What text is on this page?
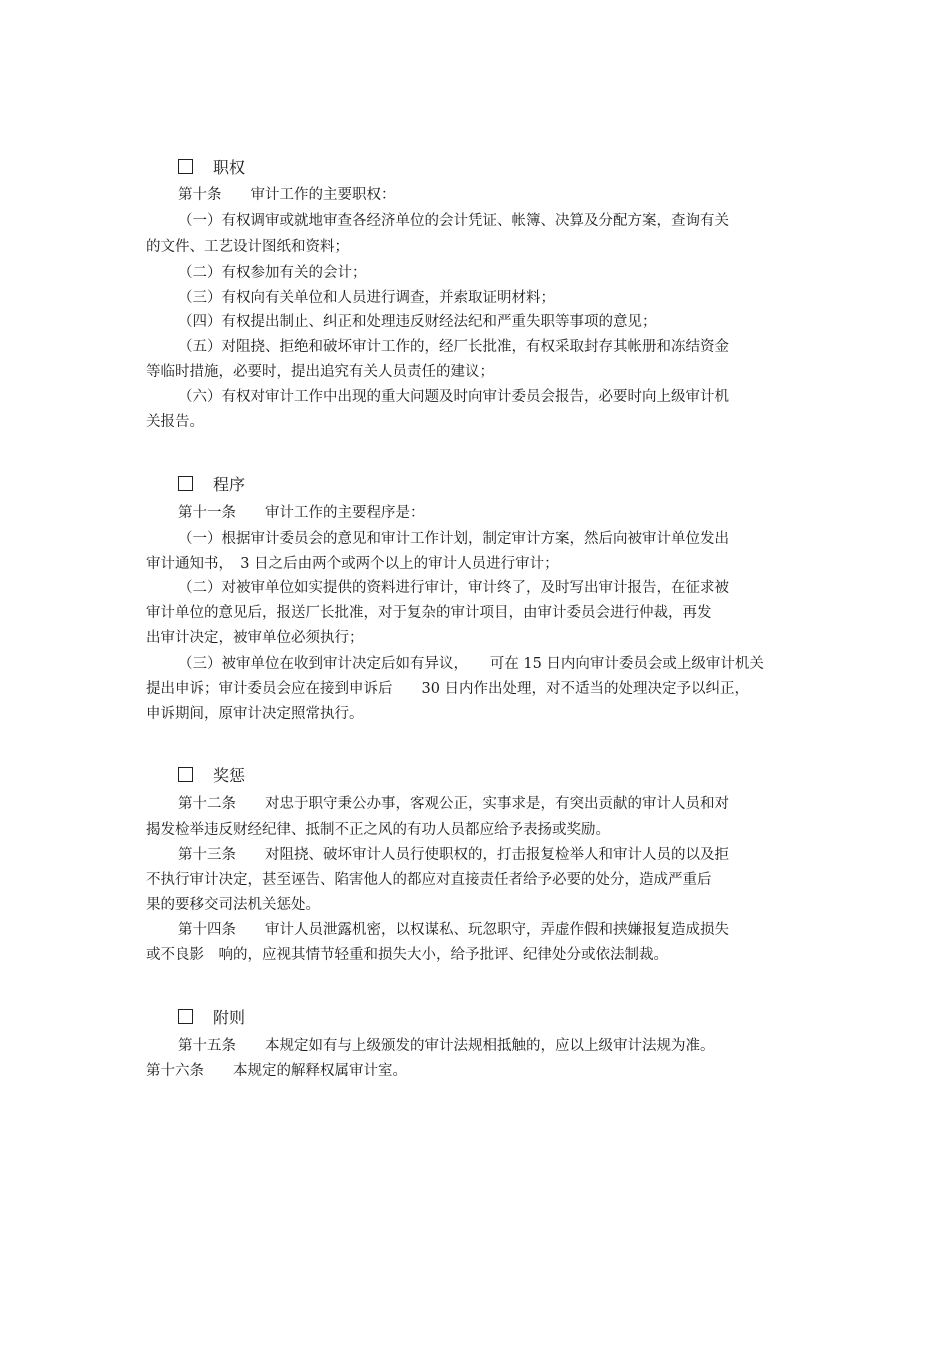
职权
第十条　　审计工作的主要职权：
（一）有权调审或就地审查各经济单位的会计凭证、帐簿、决算及分配方案，查询有关
的文件、工艺设计图纸和资料；
（二）有权参加有关的会计；
（三）有权向有关单位和人员进行调查，并索取证明材料；
（四）有权提出制止、纠正和处理违反财经法纪和严重失职等事项的意见；
（五）对阻挠、拒绝和破坏审计工作的，经厂长批准，有权采取封存其帐册和冻结资金
等临时措施，必要时，提出追究有关人员责任的建议；
（六）有权对审计工作中出现的重大问题及时向审计委员会报告，必要时向上级审计机
关报告。
程序
第十一条　　审计工作的主要程序是：
（一）根据审计委员会的意见和审计工作计划，制定审计方案，然后向被审计单位发出
审计通知书，　3 日之后由两个或两个以上的审计人员进行审计；
（二）对被审单位如实提供的资料进行审计，审计终了，及时写出审计报告，在征求被
审计单位的意见后，报送厂长批准，对于复杂的审计项目，由审计委员会进行仲裁，再发
出审计决定，被审单位必须执行；
（三）被审单位在收到审计决定后如有异议，　　可在 15 日内向审计委员会或上级审计机关
提出申诉；审计委员会应在接到申诉后　　30 日内作出处理，对不适当的处理决定予以纠正，
申诉期间，原审计决定照常执行。
奖惩
第十二条　　对忠于职守秉公办事，客观公正，实事求是，有突出贡献的审计人员和对
揭发检举违反财经纪律、抵制不正之风的有功人员都应给予表扬或奖励。
第十三条　　对阻挠、破坏审计人员行使职权的，打击报复检举人和审计人员的以及拒
不执行审计决定，甚至诬告、陷害他人的都应对直接责任者给予必要的处分，造成严重后
果的要移交司法机关惩处。
第十四条　　审计人员泄露机密，以权谋私、玩忽职守，弄虚作假和挟嫌报复造成损失
或不良影　响的，应视其情节轻重和损失大小，给予批评、纪律处分或依法制裁。
附则
第十五条　　本规定如有与上级颁发的审计法规相抵触的，应以上级审计法规为准。
第十六条　　本规定的解释权属审计室。
